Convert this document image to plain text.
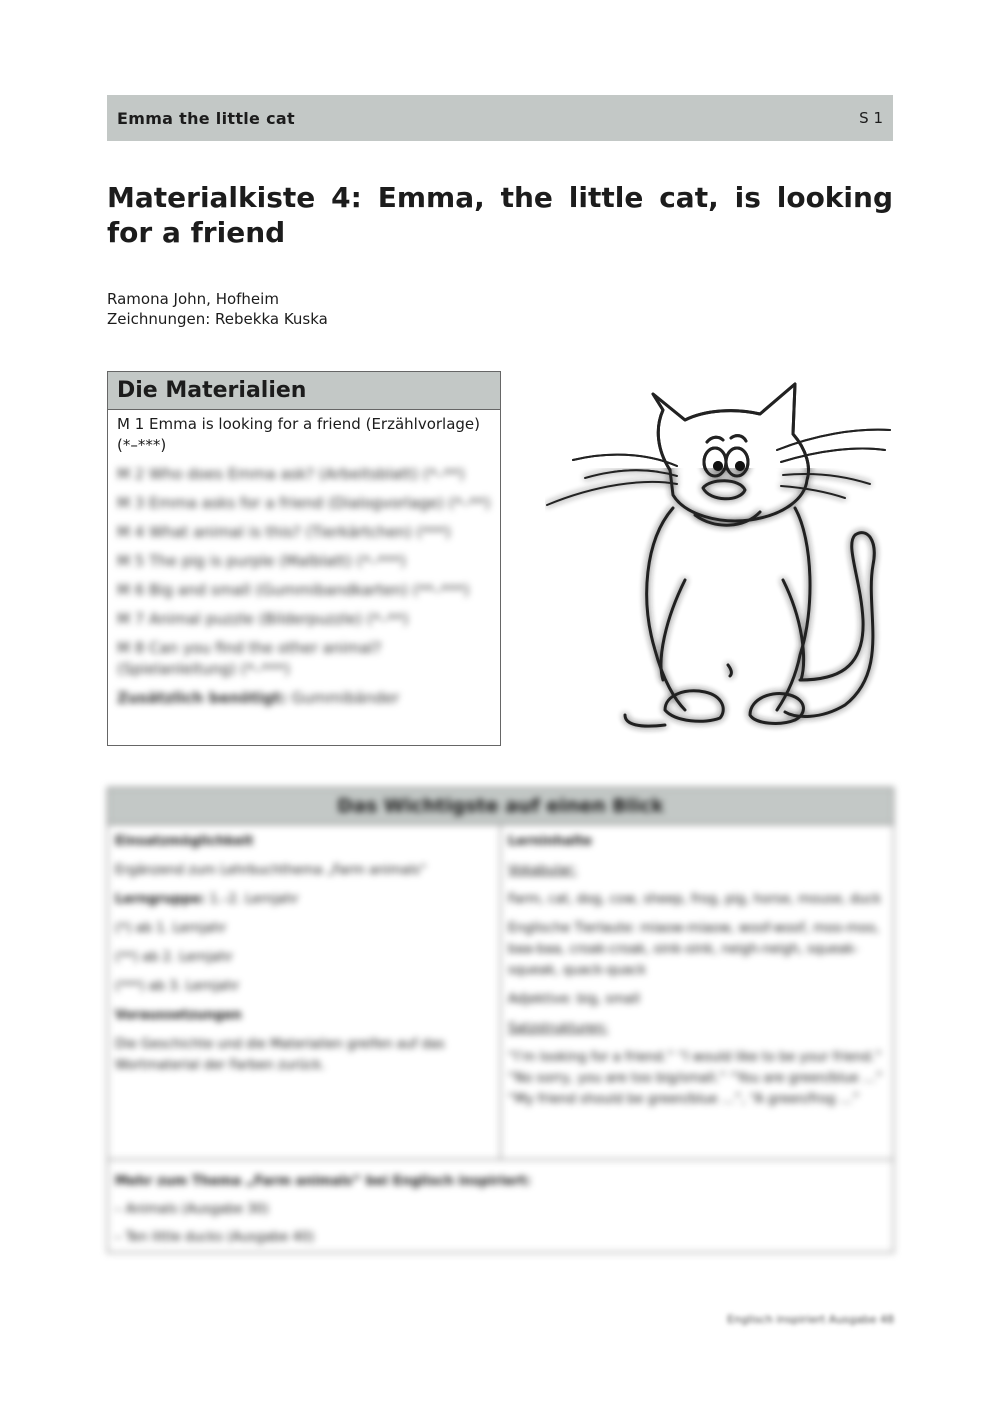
Emma the little cat	S 1
Materialkiste 4: Emma, the little cat, is looking for a friend
Ramona John, Hofheim
Zeichnungen: Rebekka Kuska
Die Materialien
M 1 Emma is looking for a friend (Erzählvorlage) (*–***)
M 2 Who does Emma ask? (Arbeitsblatt) (*–**)
M 3 Emma asks for a friend (Dialogvorlage) (*–**)
M 4 What animal is this? (Tierkärtchen) (***)
M 5 The pig is purple (Malblatt) (*–***)
M 6 Big and small (Gummibandkarten) (**–***)
M 7 Animal puzzle (Bilderpuzzle) (*–**)
M 8 Can you find the other animal? (Spielanleitung) (*–***)
Zusätzlich benötigt: Gummibänder
Das Wichtigste auf einen Blick

Einsatzmöglichkeit

Ergänzend zum Lehrbuchthema „Farm animals“

Lerngruppe: 1.–2. Lernjahr

(*) ab 1. Lernjahr

(**) ab 2. Lernjahr

(***) ab 3. Lernjahr

Voraussetzungen

Die Geschichte und die Materialien greifen auf das Wortmaterial der Farben zurück.

Lerninhalte

Vokabular:

Farm, cat, dog, cow, sheep, frog, pig, horse, mouse, duck

Englische Tierlaute: miaow-miaow, woof-woof, moo-moo, baa-baa, croak-croak, oink-oink, neigh-neigh, squeak-squeak, quack-quack

Adjektive: big, small

Satzstrukturen:

“I’m looking for a friend.” “I would like to be your friend.” “No sorry, you are too big/small.” “You are green/blue …” “My friend should be green/blue …”, “A green/frog …”

Mehr zum Thema „Farm animals“ bei Englisch inspiriert:
– Animals (Ausgabe 30)
– Ten little ducks (Ausgabe 40)
Englisch inspiriert Ausgabe 48
